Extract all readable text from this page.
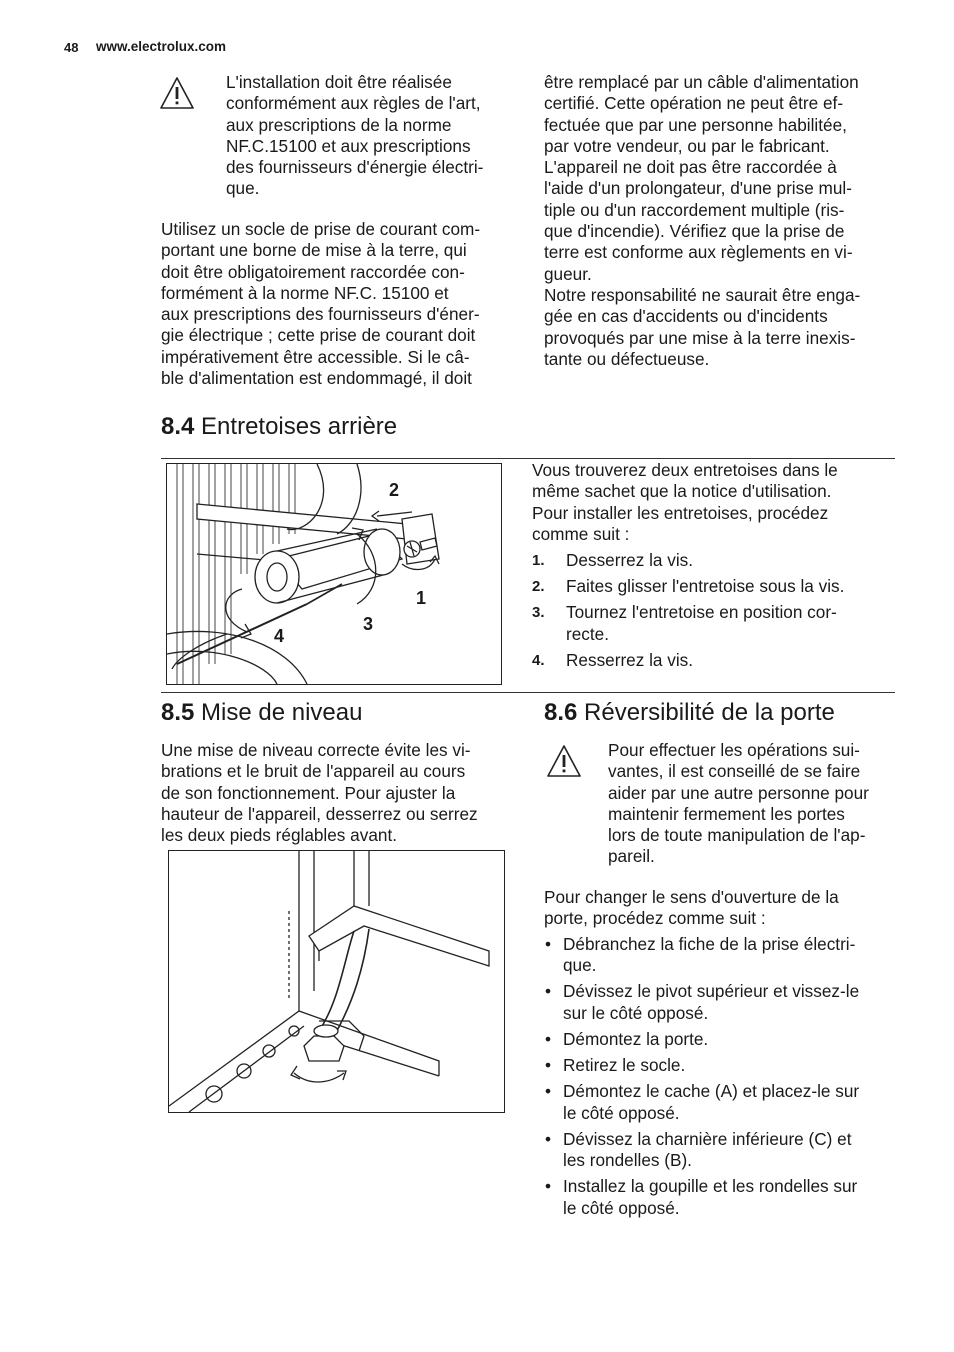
48 www.electrolux.com

L'installation doit être réalisée
conformément aux règles de l'art,
aux prescriptions de la norme
NF.C.15100 et aux prescriptions
des fournisseurs d'énergie électri-
que.

Utilisez un socle de prise de courant com-
portant une borne de mise à la terre, qui
doit être obligatoirement raccordée con-
formément à la norme NF.C. 15100 et
aux prescriptions des fournisseurs d'éner-
gie électrique ; cette prise de courant doit
impérativement être accessible. Si le câ-
ble d'alimentation est endommagé, il doit

être remplacé par un câble d'alimentation
certifié. Cette opération ne peut être ef-
fectuée que par une personne habilitée,
par votre vendeur, ou par le fabricant.
L'appareil ne doit pas être raccordée à
l'aide d'un prolongateur, d'une prise mul-
tiple ou d'un raccordement multiple (ris-
que d'incendie). Vérifiez que la prise de
terre est conforme aux règlements en vi-
gueur.
Notre responsabilité ne saurait être enga-
gée en cas d'accidents ou d'incidents
provoqués par une mise à la terre inexis-
tante ou défectueuse.

8.4 Entretoises arrière
2
1
3
4

Vous trouverez deux entretoises dans le
même sachet que la notice d'utilisation.
Pour installer les entretoises, procédez
comme suit :

1. Desserrez la vis.
2. Faites glisser l'entretoise sous la vis.
3. Tournez l'entretoise en position cor-
recte.
4. Resserrez la vis.
8.5 Mise de niveau

Une mise de niveau correcte évite les vi-
brations et le bruit de l'appareil au cours
de son fonctionnement. Pour ajuster la
hauteur de l'appareil, desserrez ou serrez
les deux pieds réglables avant.

8.6 Réversibilité de la porte

Pour effectuer les opérations sui-
vantes, il est conseillé de se faire
aider par une autre personne pour
maintenir fermement les portes
lors de toute manipulation de l'ap-
pareil.

Pour changer le sens d'ouverture de la
porte, procédez comme suit :

• Débranchez la fiche de la prise électri-
que.
• Dévissez le pivot supérieur et vissez-le
sur le côté opposé.
• Démontez la porte.
• Retirez le socle.
• Démontez le cache (A) et placez-le sur
le côté opposé.
• Dévissez la charnière inférieure (C) et
les rondelles (B).
• Installez la goupille et les rondelles sur
le côté opposé.
